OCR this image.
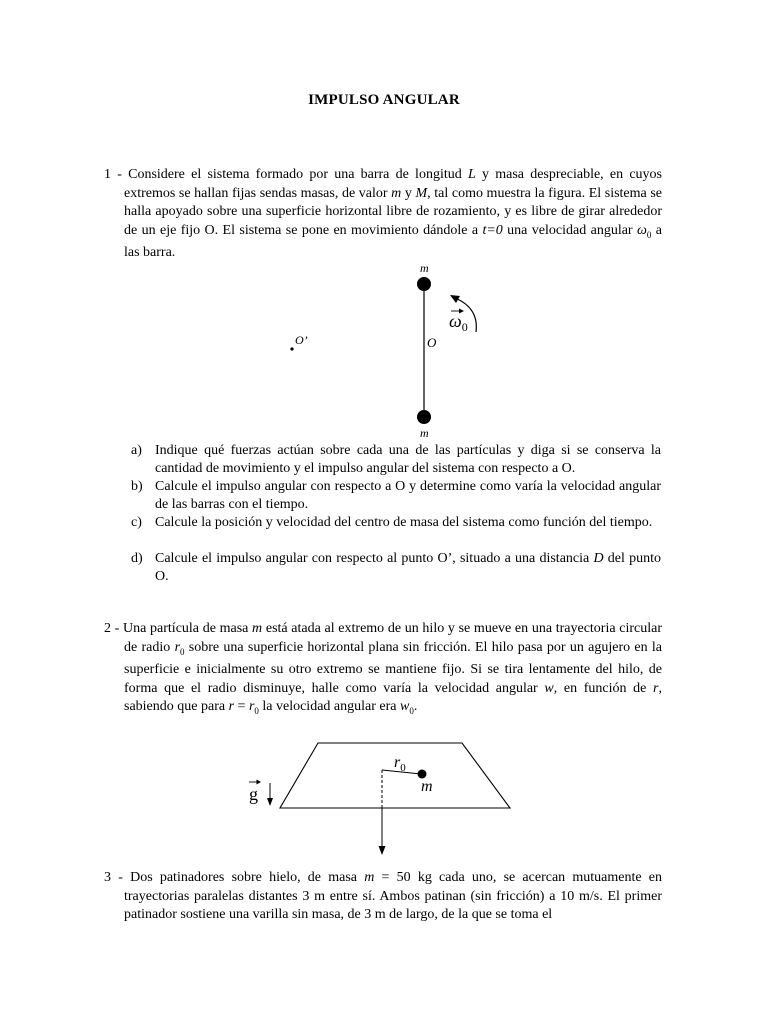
IMPULSO ANGULAR
1 - Considere el sistema formado por una barra de longitud L y masa despreciable, en cuyos extremos se hallan fijas sendas masas, de valor m y M, tal como muestra la figura. El sistema se halla apoyado sobre una superficie horizontal libre de rozamiento, y es libre de girar alrededor de un eje fijo O. El sistema se pone en movimiento dándole a t=0 una velocidad angular $\omega_0$ a las barra.
m
m
O
O’
$\omega_0$
a) Indique qué fuerzas actúan sobre cada una de las partículas y diga si se conserva la cantidad de movimiento y el impulso angular del sistema con respecto a O.
b) Calcule el impulso angular con respecto a O y determine como varía la velocidad angular de las barras con el tiempo.
c) Calcule la posición y velocidad del centro de masa del sistema como función del tiempo.
d) Calcule el impulso angular con respecto al punto O’, situado a una distancia D del punto O.
2 - Una partícula de masa m está atada al extremo de un hilo y se mueve en una trayectoria circular de radio $r_0$ sobre una superficie horizontal plana sin fricción. El hilo pasa por un agujero en la superficie e inicialmente su otro extremo se mantiene fijo. Si se tira lentamente del hilo, de forma que el radio disminuye, halle como varía la velocidad angular w, en función de r, sabiendo que para $r = r_0$ la velocidad angular era $w_0$.
$r_0$
m
g
3 - Dos patinadores sobre hielo, de masa m = 50 kg cada uno, se acercan mutuamente en trayectorias paralelas distantes 3 m entre sí. Ambos patinan (sin fricción) a 10 m/s. El primer patinador sostiene una varilla sin masa, de 3 m de largo, de la que se toma el
